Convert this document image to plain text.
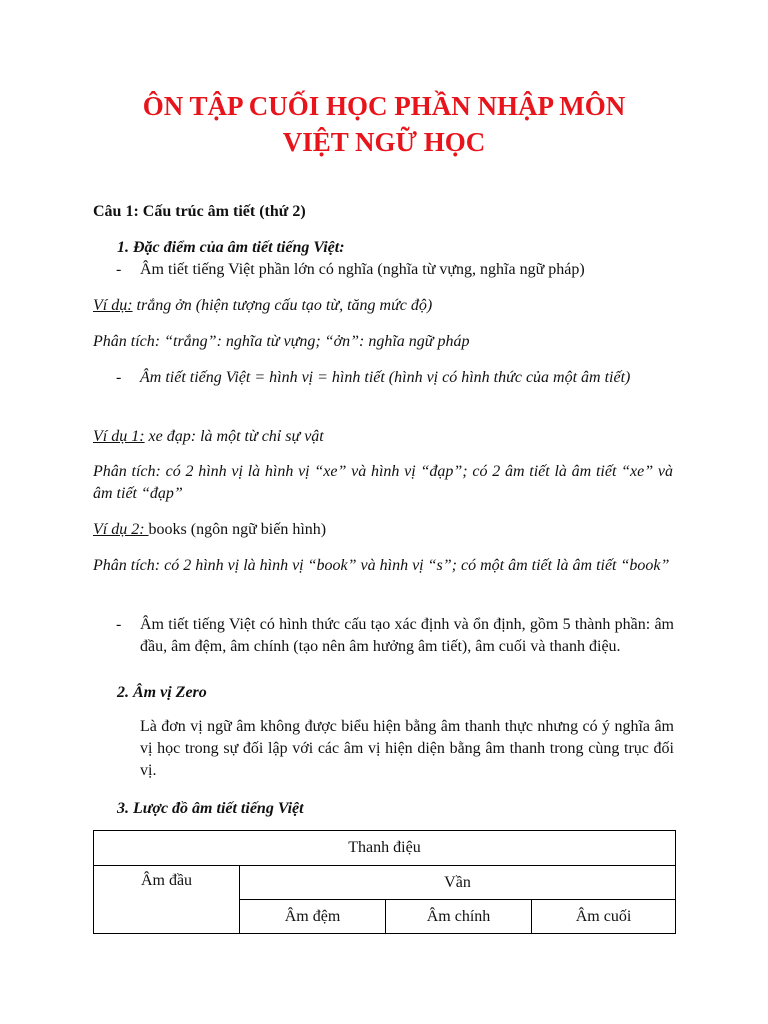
ÔN TẬP CUỐI HỌC PHẦN NHẬP MÔN
VIỆT NGỮ HỌC

Câu 1: Cấu trúc âm tiết (thứ 2)

1. Đặc điểm của âm tiết tiếng Việt:

- Âm tiết tiếng Việt phần lớn có nghĩa (nghĩa từ vựng, nghĩa ngữ pháp)

Ví dụ: trắng ởn (hiện tượng cấu tạo từ, tăng mức độ)

Phân tích: “trắng”: nghĩa từ vựng; “ởn”: nghĩa ngữ pháp

- Âm tiết tiếng Việt = hình vị = hình tiết (hình vị có hình thức của một âm tiết)

Ví dụ 1: xe đạp: là một từ chỉ sự vật

Phân tích: có 2 hình vị là hình vị “xe” và hình vị “đạp”; có 2 âm tiết là âm tiết “xe” và âm tiết “đạp”

Ví dụ 2: books (ngôn ngữ biến hình)

Phân tích: có 2 hình vị là hình vị “book” và hình vị “s”; có một âm tiết là âm tiết “book”

- Âm tiết tiếng Việt có hình thức cấu tạo xác định và ổn định, gồm 5 thành phần: âm đầu, âm đệm, âm chính (tạo nên âm hưởng âm tiết), âm cuối và thanh điệu.

2. Âm vị Zero

Là đơn vị ngữ âm không được biểu hiện bằng âm thanh thực nhưng có ý nghĩa âm vị học trong sự đối lập với các âm vị hiện diện bằng âm thanh trong cùng trục đối vị.

3. Lược đồ âm tiết tiếng Việt

Thanh điệu			
Âm đầu	Vần		
	Âm đệm	Âm chính	Âm cuối
